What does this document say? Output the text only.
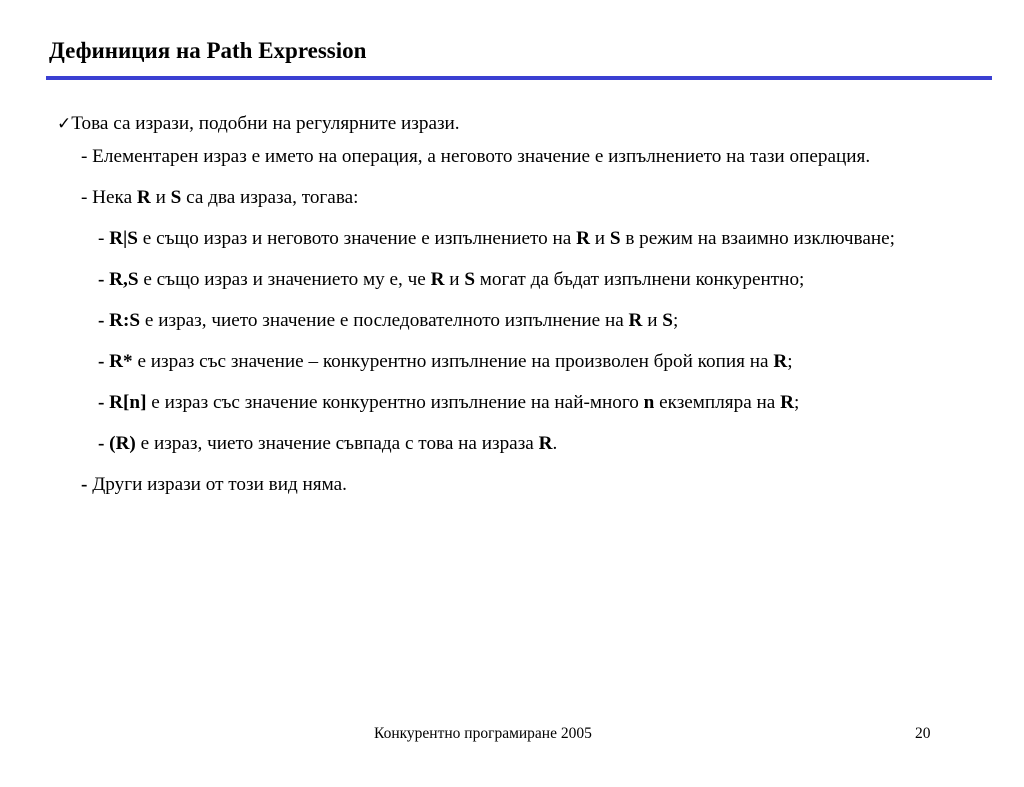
Дефиниция на Path Expression

✓Това са изрази, подобни на регулярните изрази.

- Елементарен израз е името на операция, а неговото значение е изпълнението на тази операция.

- Нека R и S са два израза, тогава:

- R|S е също израз и неговото значение е изпълнението на R и S в режим на взаимно изключване;

- R,S е също израз и значението му е, че R и S могат да бъдат изпълнени конкурентно;

- R:S е израз, чието значение е последователното изпълнение на R и S;

- R* е израз със значение – конкурентно изпълнение на произволен брой копия на R;

- R[n] е израз със значение конкурентно изпълнение на най-много n екземпляра на R;

- (R) е израз, чието значение съвпада с това на израза R.

- Други изрази от този вид няма.

Конкурентно програмиране 2005	20
